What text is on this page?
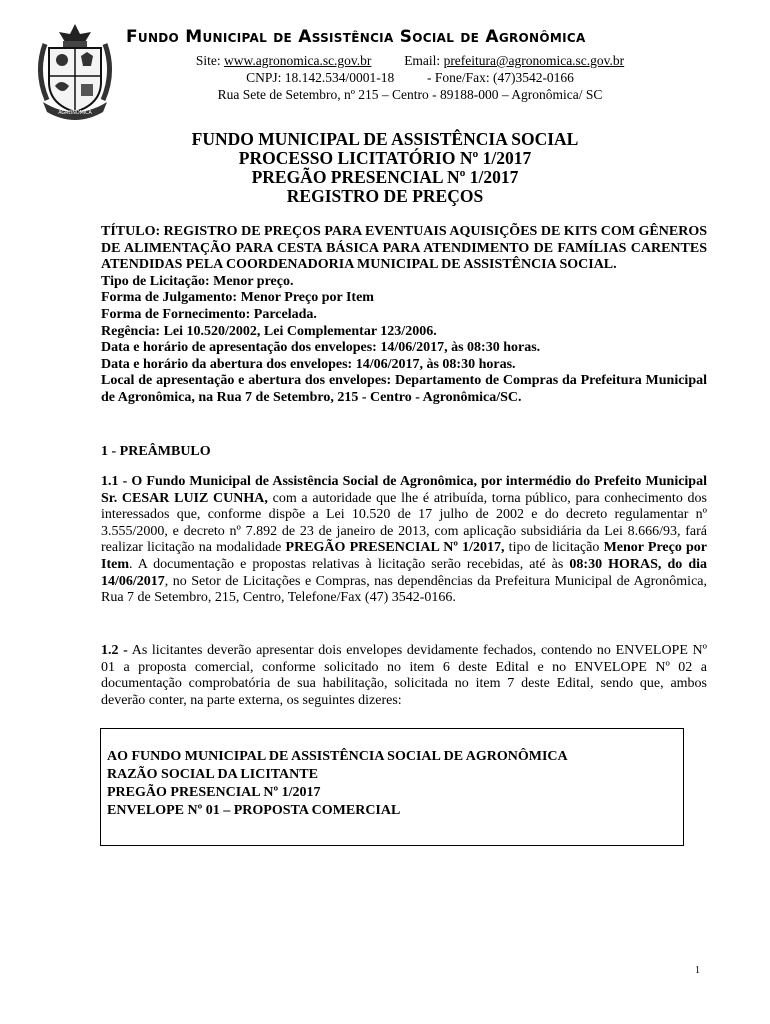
AGRONÔMICA
Fundo Municipal de Assistência Social de Agronômica
Site: www.agronomica.sc.gov.br Email: prefeitura@agronomica.sc.gov.br
CNPJ: 18.142.534/0001-18 - Fone/Fax: (47)3542-0166
Rua Sete de Setembro, nº 215 – Centro - 89188-000 – Agronômica/ SC
FUNDO MUNICIPAL DE ASSISTÊNCIA SOCIAL
PROCESSO LICITATÓRIO Nº 1/2017
PREGÃO PRESENCIAL Nº 1/2017
REGISTRO DE PREÇOS
TÍTULO: REGISTRO DE PREÇOS PARA EVENTUAIS AQUISIÇÕES DE KITS COM GÊNEROS DE ALIMENTAÇÃO PARA CESTA BÁSICA PARA ATENDIMENTO DE FAMÍLIAS CARENTES ATENDIDAS PELA COORDENADORIA MUNICIPAL DE ASSISTÊNCIA SOCIAL.
Tipo de Licitação: Menor preço.
Forma de Julgamento: Menor Preço por Item
Forma de Fornecimento: Parcelada.
Regência: Lei 10.520/2002, Lei Complementar 123/2006.
Data e horário de apresentação dos envelopes: 14/06/2017, às 08:30 horas.
Data e horário da abertura dos envelopes: 14/06/2017, às 08:30 horas.
Local de apresentação e abertura dos envelopes: Departamento de Compras da Prefeitura Municipal de Agronômica, na Rua 7 de Setembro, 215 - Centro - Agronômica/SC.
1 - PREÂMBULO
1.1 - O Fundo Municipal de Assistência Social de Agronômica, por intermédio do Prefeito Municipal Sr. CESAR LUIZ CUNHA, com a autoridade que lhe é atribuída, torna público, para conhecimento dos interessados que, conforme dispõe a Lei 10.520 de 17 julho de 2002 e do decreto regulamentar nº 3.555/2000, e decreto nº 7.892 de 23 de janeiro de 2013, com aplicação subsidiária da Lei 8.666/93, fará realizar licitação na modalidade PREGÃO PRESENCIAL Nº 1/2017, tipo de licitação Menor Preço por Item. A documentação e propostas relativas à licitação serão recebidas, até às 08:30 HORAS, do dia 14/06/2017, no Setor de Licitações e Compras, nas dependências da Prefeitura Municipal de Agronômica, Rua 7 de Setembro, 215, Centro, Telefone/Fax (47) 3542-0166.
1.2 - As licitantes deverão apresentar dois envelopes devidamente fechados, contendo no ENVELOPE Nº 01 a proposta comercial, conforme solicitado no item 6 deste Edital e no ENVELOPE Nº 02 a documentação comprobatória de sua habilitação, solicitada no item 7 deste Edital, sendo que, ambos deverão conter, na parte externa, os seguintes dizeres:
AO FUNDO MUNICIPAL DE ASSISTÊNCIA SOCIAL DE AGRONÔMICA
RAZÃO SOCIAL DA LICITANTE
PREGÃO PRESENCIAL Nº 1/2017
ENVELOPE Nº 01 – PROPOSTA COMERCIAL
1
